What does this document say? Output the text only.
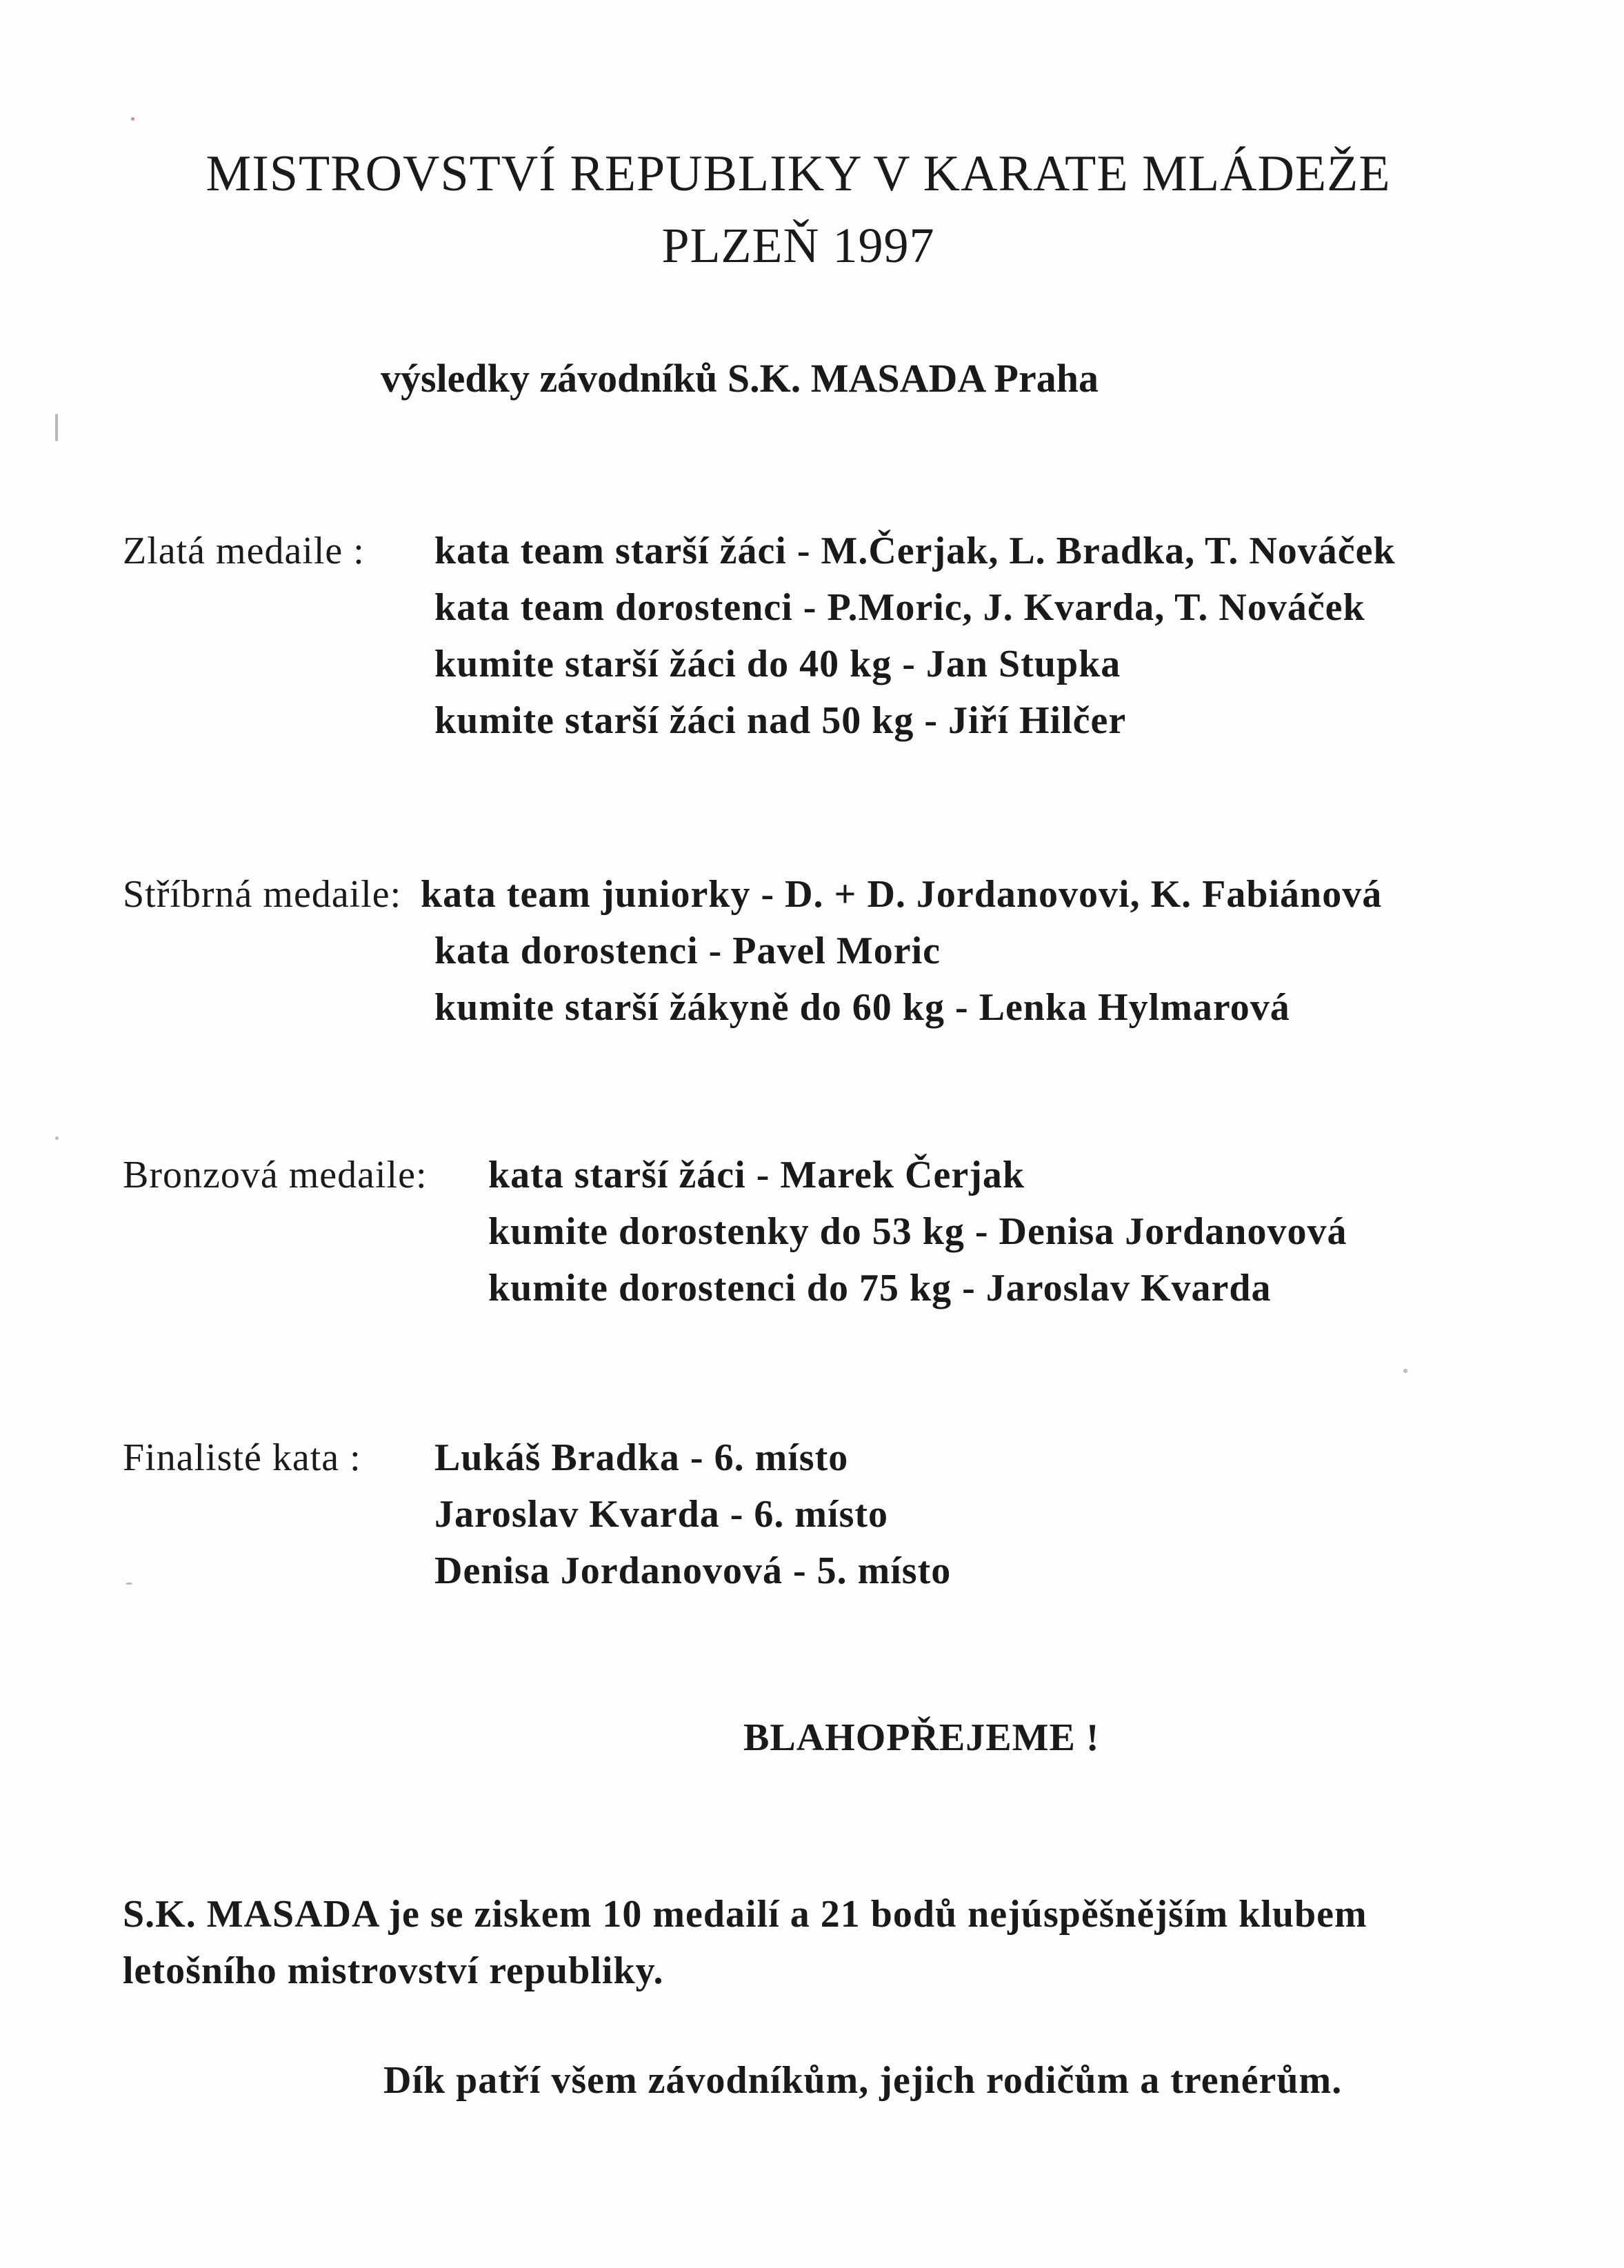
MISTROVSTVÍ REPUBLIKY V KARATE MLÁDEŽE
PLZEŇ 1997
výsledky závodníků S.K. MASADA Praha
Zlatá medaile : kata team starší žáci - M.Čerjak, L. Bradka, T. Nováček
kata team dorostenci - P.Moric, J. Kvarda, T. Nováček
kumite starší žáci do 40 kg - Jan Stupka
kumite starší žáci nad 50 kg - Jiří Hilčer
Stříbrná medaile: kata team juniorky - D. + D. Jordanovovi, K. Fabiánová
kata dorostenci - Pavel Moric
kumite starší žákyně do 60 kg - Lenka Hylmarová
Bronzová medaile: kata starší žáci - Marek Čerjak
kumite dorostenky do 53 kg - Denisa Jordanovová
kumite dorostenci do 75 kg - Jaroslav Kvarda
Finalisté kata : Lukáš Bradka - 6. místo
Jaroslav Kvarda - 6. místo
Denisa Jordanovová - 5. místo
BLAHOPŘEJEME !
S.K. MASADA je se ziskem 10 medailí a 21 bodů nejúspěšnějším klubem
letošního mistrovství republiky.
Dík patří všem závodníkům, jejich rodičům a trenérům.
